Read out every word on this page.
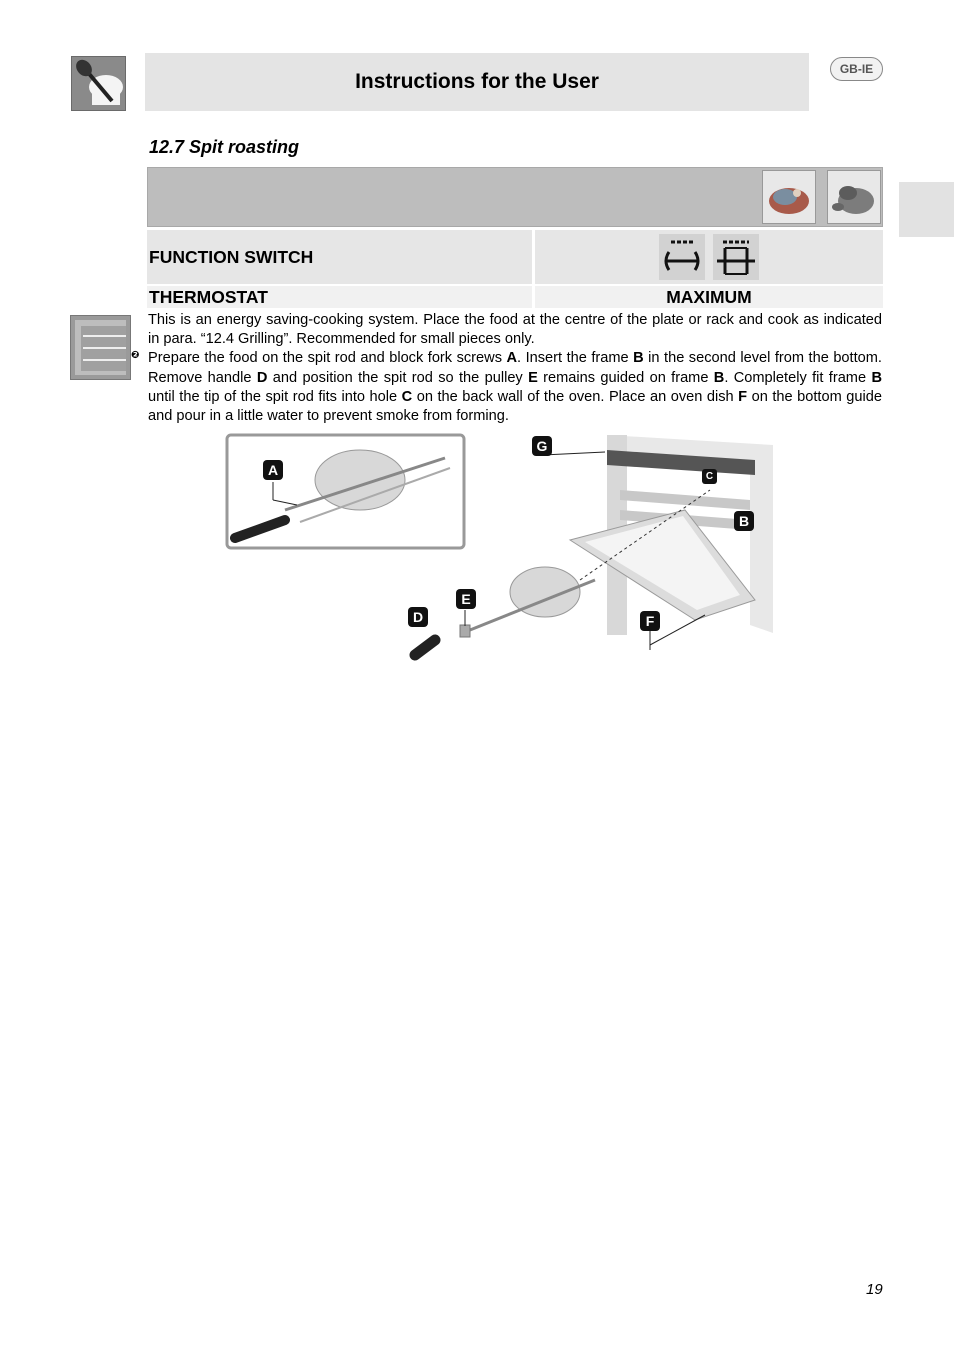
Instructions for the User
GB-IE
12.7 Spit roasting
FUNCTION SWITCH
THERMOSTAT	MAXIMUM
❷

This is an energy saving-cooking system. Place the food at the centre of the plate or rack and cook as indicated in para. “12.4 Grilling”. Recommended for small pieces only.

Prepare the food on the spit rod and block fork screws A. Insert the frame B in the second level from the bottom. Remove handle D and position the spit rod so the pulley E remains guided on frame B. Completely fit frame B until the tip of the spit rod fits into hole C on the back wall of the oven. Place an oven dish F on the bottom guide and pour in a little water to prevent smoke from forming.

A
G
C
B
E
D	F
19
